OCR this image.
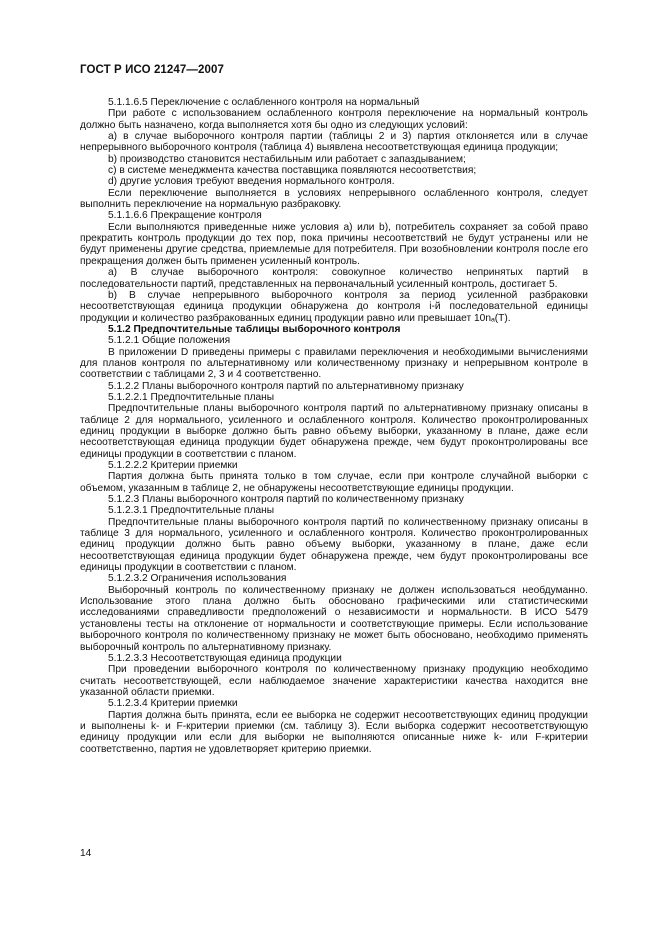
ГОСТ Р ИСО 21247—2007

5.1.1.6.5 Переключение с ослабленного контроля на нормальный

При работе с использованием ослабленного контроля переключение на нормальный контроль должно быть назначено, когда выполняется хотя бы одно из следующих условий:

a) в случае выборочного контроля партии (таблицы 2 и 3) партия отклоняется или в случае непрерывного выборочного контроля (таблица 4) выявлена несоответствующая единица продукции;

b) производство становится нестабильным или работает с запаздыванием;

c) в системе менеджмента качества поставщика появляются несоответствия;

d) другие условия требуют введения нормального контроля.

Если переключение выполняется в условиях непрерывного ослабленного контроля, следует выполнить переключение на нормальную разбраковку.

5.1.1.6.6 Прекращение контроля

Если выполняются приведенные ниже условия a) или b), потребитель сохраняет за собой право прекратить контроль продукции до тех пор, пока причины несоответствий не будут устранены или не будут применены другие средства, приемлемые для потребителя. При возобновлении контроля после его прекращения должен быть применен усиленный контроль.

a) В случае выборочного контроля: совокупное количество непринятых партий в последовательности партий, представленных на первоначальный усиленный контроль, достигает 5.

b) В случае непрерывного выборочного контроля за период усиленной разбраковки несоответствующая единица продукции обнаружена до контроля i-й последовательной единицы продукции и количество разбракованных единиц продукции равно или превышает 10nₐ(T).

5.1.2 Предпочтительные таблицы выборочного контроля

5.1.2.1 Общие положения

В приложении D приведены примеры с правилами переключения и необходимыми вычислениями для планов контроля по альтернативному или количественному признаку и непрерывном контроле в соответствии с таблицами 2, 3 и 4 соответственно.

5.1.2.2 Планы выборочного контроля партий по альтернативному признаку

5.1.2.2.1 Предпочтительные планы

Предпочтительные планы выборочного контроля партий по альтернативному признаку описаны в таблице 2 для нормального, усиленного и ослабленного контроля. Количество проконтролированных единиц продукции в выборке должно быть равно объему выборки, указанному в плане, даже если несоответствующая единица продукции будет обнаружена прежде, чем будут проконтролированы все единицы продукции в соответствии с планом.

5.1.2.2.2 Критерии приемки

Партия должна быть принята только в том случае, если при контроле случайной выборки с объемом, указанным в таблице 2, не обнаружены несоответствующие единицы продукции.

5.1.2.3 Планы выборочного контроля партий по количественному признаку

5.1.2.3.1 Предпочтительные планы

Предпочтительные планы выборочного контроля партий по количественному признаку описаны в таблице 3 для нормального, усиленного и ослабленного контроля. Количество проконтролированных единиц продукции должно быть равно объему выборки, указанному в плане, даже если несоответствующая единица продукции будет обнаружена прежде, чем будут проконтролированы все единицы продукции в соответствии с планом.

5.1.2.3.2 Ограничения использования

Выборочный контроль по количественному признаку не должен использоваться необдуманно. Использование этого плана должно быть обосновано графическими или статистическими исследованиями справедливости предположений о независимости и нормальности. В ИСО 5479 установлены тесты на отклонение от нормальности и соответствующие примеры. Если использование выборочного контроля по количественному признаку не может быть обосновано, необходимо применять выборочный контроль по альтернативному признаку.

5.1.2.3.3 Несоответствующая единица продукции

При проведении выборочного контроля по количественному признаку продукцию необходимо считать несоответствующей, если наблюдаемое значение характеристики качества находится вне указанной области приемки.

5.1.2.3.4 Критерии приемки

Партия должна быть принята, если ее выборка не содержит несоответствующих единиц продукции и выполнены k- и F-критерии приемки (см. таблицу 3). Если выборка содержит несоответствующую единицу продукции или если для выборки не выполняются описанные ниже k- или F-критерии соответственно, партия не удовлетворяет критерию приемки.

14
